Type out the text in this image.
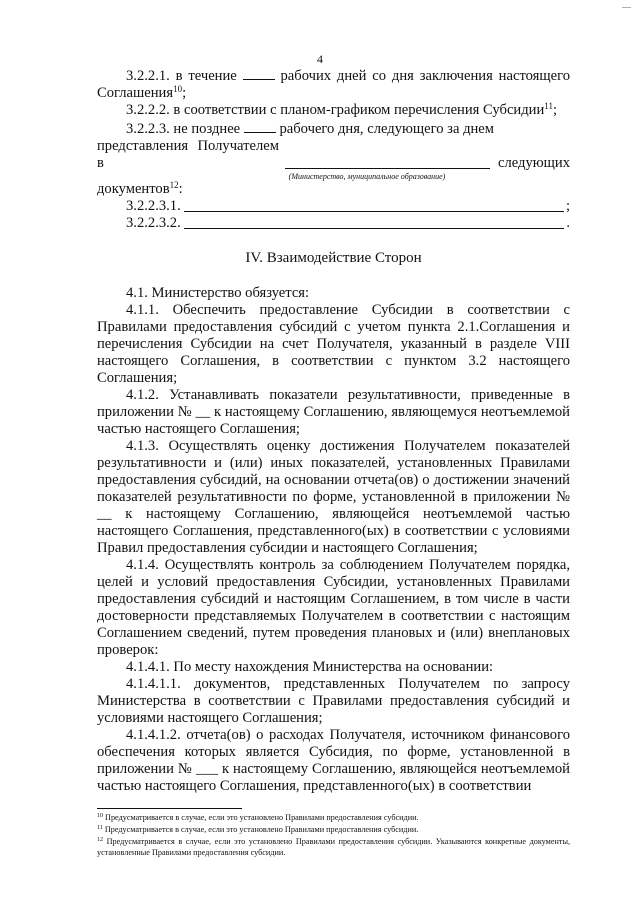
—
4

3.2.2.1. в течение	рабочих дней со дня заключения настоящего Соглашения$^{10}$;

3.2.2.2. в соответствии с планом-графиком перечисления Субсидии$^{11}$;

3.2.2.3. не позднее	рабочего дня, следующего за днем

представления Получателем в	следующих
(Министерство, муниципальное образование)

документов$^{12}$:

3.2.2.3.1.	;
3.2.2.3.2.	.

IV. Взаимодействие Сторон

4.1. Министерство обязуется:

4.1.1. Обеспечить предоставление Субсидии в соответствии с Правилами предоставления субсидий с учетом пункта 2.1.Соглашения и перечисления Субсидии на счет Получателя, указанный в разделе VIII настоящего Соглашения, в соответствии с пунктом 3.2 настоящего Соглашения;

4.1.2. Устанавливать показатели результативности, приведенные в приложении № __ к настоящему Соглашению, являющемуся неотъемлемой частью настоящего Соглашения;

4.1.3. Осуществлять оценку достижения Получателем показателей результативности и (или) иных показателей, установленных Правилами предоставления субсидий, на основании отчета(ов) о достижении значений показателей результативности по форме, установленной в приложении № __ к настоящему Соглашению, являющейся неотъемлемой частью настоящего Соглашения, представленного(ых) в соответствии с условиями Правил предоставления субсидии и настоящего Соглашения;

4.1.4. Осуществлять контроль за соблюдением Получателем порядка, целей и условий предоставления Субсидии, установленных Правилами предоставления субсидий и настоящим Соглашением, в том числе в части достоверности представляемых Получателем в соответствии с настоящим Соглашением сведений, путем проведения плановых и (или) внеплановых проверок:

4.1.4.1. По месту нахождения Министерства на основании:

4.1.4.1.1. документов, представленных Получателем по запросу Министерства в соответствии с Правилами предоставления субсидий и условиями настоящего Соглашения;

4.1.4.1.2. отчета(ов) о расходах Получателя, источником финансового обеспечения которых является Субсидия, по форме, установленной в приложении № ___ к настоящему Соглашению, являющейся неотъемлемой частью настоящего Соглашения, представленного(ых) в соответствии

$^{10}$ Предусматривается в случае, если это установлено Правилами предоставления субсидии.

$^{11}$ Предусматривается в случае, если это установлено Правилами предоставления субсидии.

$^{12}$ Предусматривается в случае, если это установлено Правилами предоставления субсидии. Указываются конкретные документы, установленные Правилами предоставления субсидии.
